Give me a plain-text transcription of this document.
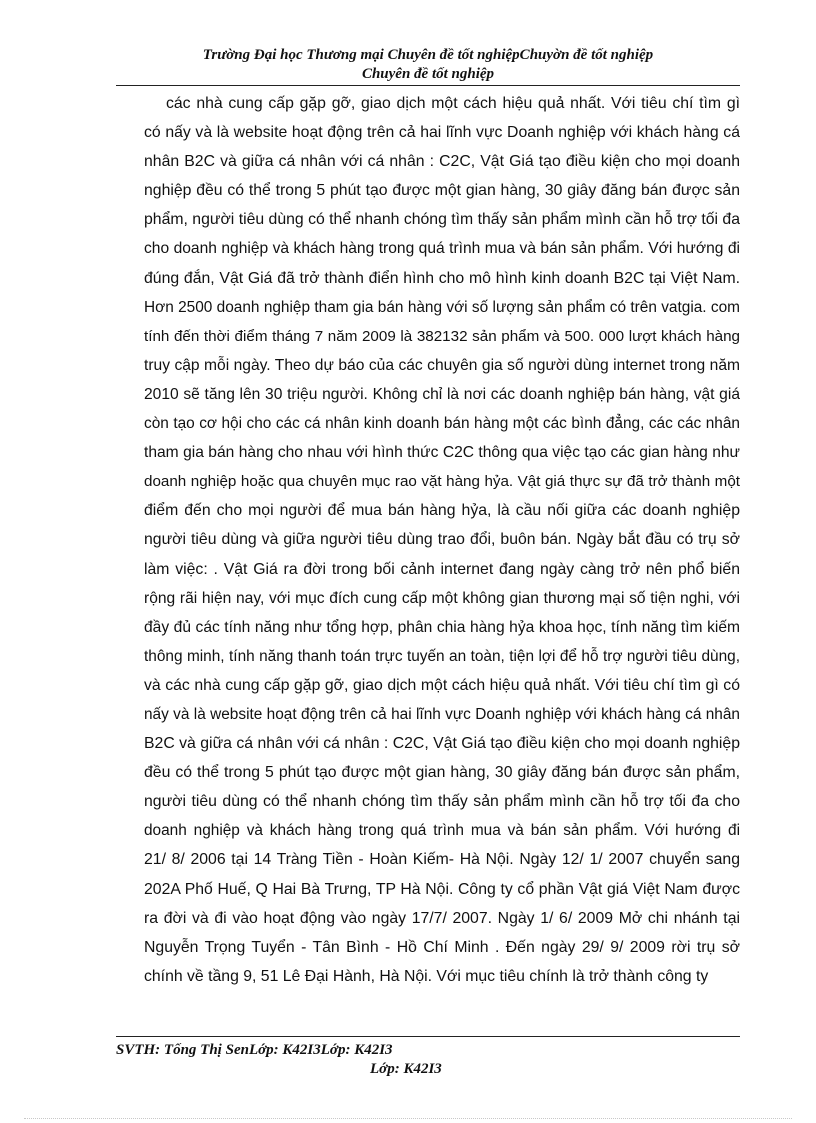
Trường Đại học Thương mại Chuyên đề tốt nghiệpChuyờn đề tốt nghiệp
Chuyên đề tốt nghiệp
các nhà cung cấp gặp gỡ, giao dịch một cách hiệu quả nhất. Với tiêu chí tìm gì
có nấy và là website hoạt động trên cả hai lĩnh vực Doanh nghiệp với khách hàng cá
nhân B2C và giữa cá nhân với cá nhân : C2C, Vật Giá tạo điều kiện cho mọi doanh
nghiệp đều có thể trong 5 phút tạo được một gian hàng, 30 giây đăng bán được sản
phẩm, người tiêu dùng có thể nhanh chóng tìm thấy sản phẩm mình cần hỗ trợ tối đa
cho doanh nghiệp và khách hàng trong quá trình mua và bán sản phẩm. Với hướng đi
đúng đắn, Vật Giá đã trở thành điển hình cho mô hình kinh doanh B2C tại Việt Nam.
Hơn 2500 doanh nghiệp tham gia bán hàng với số lượng sản phẩm có trên vatgia. com
tính đến thời điểm tháng 7 năm 2009 là 382132 sản phẩm và 500. 000 lượt khách hàng
truy cập mỗi ngày. Theo dự báo của các chuyên gia số người dùng internet trong năm
2010 sẽ tăng lên 30 triệu người. Không chỉ là nơi các doanh nghiệp bán hàng, vật giá
còn tạo cơ hội cho các cá nhân kinh doanh bán hàng một các bình đẳng, các các nhân
tham gia bán hàng cho nhau với hình thức C2C thông qua việc tạo các gian hàng như
doanh nghiệp hoặc qua chuyên mục rao vặt hàng hỷa. Vật giá thực sự đã trở thành một
điểm đến cho mọi người để mua bán hàng hỷa, là cầu nối giữa các doanh nghiệp
người tiêu dùng và giữa người tiêu dùng trao đổi, buôn bán. Ngày bắt đầu có trụ sở
làm việc: . Vật Giá ra đời trong bối cảnh internet đang ngày càng trở nên phổ biến
rộng rãi hiện nay, với mục đích cung cấp một không gian thương mại số tiện nghi, với
đầy đủ các tính năng như tổng hợp, phân chia hàng hỷa khoa học, tính năng tìm kiếm
thông minh, tính năng thanh toán trực tuyến an toàn, tiện lợi để hỗ trợ người tiêu dùng,
và các nhà cung cấp gặp gỡ, giao dịch một cách hiệu quả nhất. Với tiêu chí tìm gì có
nấy và là website hoạt động trên cả hai lĩnh vực Doanh nghiệp với khách hàng cá nhân
B2C và giữa cá nhân với cá nhân : C2C, Vật Giá tạo điều kiện cho mọi doanh nghiệp
đều có thể trong 5 phút tạo được một gian hàng, 30 giây đăng bán được sản phẩm,
người tiêu dùng có thể nhanh chóng tìm thấy sản phẩm mình cần hỗ trợ tối đa cho
doanh nghiệp và khách hàng trong quá trình mua và bán sản phẩm. Với hướng đi
21/ 8/ 2006 tại 14 Tràng Tiền - Hoàn Kiếm- Hà Nội. Ngày 12/ 1/ 2007 chuyển sang
202A Phố Huế, Q Hai Bà Trưng, TP Hà Nội. Công ty cổ phần Vật giá Việt Nam được
ra đời và đi vào hoạt động vào ngày 17/7/ 2007. Ngày 1/ 6/ 2009 Mở chi nhánh tại
Nguyễn Trọng Tuyển - Tân Bình - Hồ Chí Minh . Đến ngày 29/ 9/ 2009 rời trụ sở
chính về tầng 9, 51 Lê Đại Hành, Hà Nội. Với mục tiêu chính là trở thành công ty
SVTH: Tống Thị SenLớp: K42I3Lớp: K42I3
Lớp: K42I3
